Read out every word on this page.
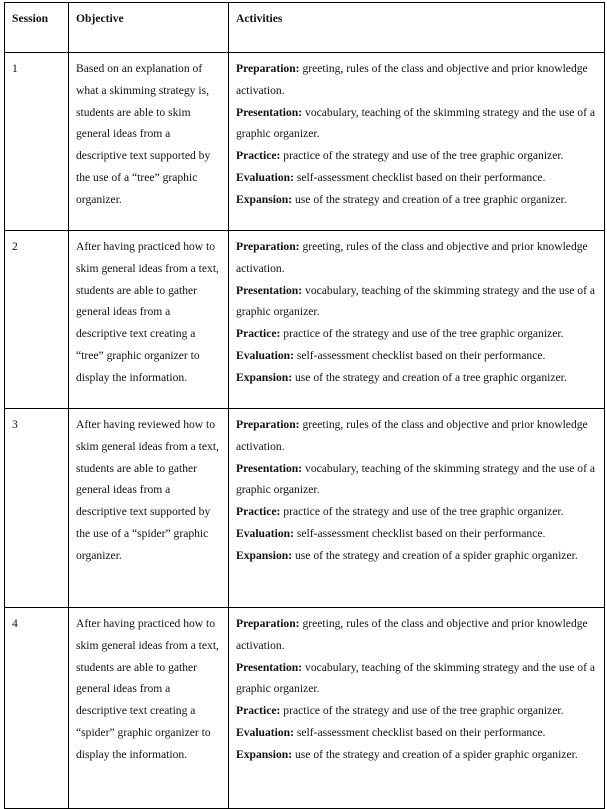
Session	Objective	Activities
1	Based on an explanation of what a skimming strategy is, students are able to skim general ideas from a descriptive text supported by the use of a “tree” graphic organizer.	Preparation: greeting, rules of the class and objective and prior knowledge activation.
Presentation: vocabulary, teaching of the skimming strategy and the use of a graphic organizer.
Practice: practice of the strategy and use of the tree graphic organizer.
Evaluation: self-assessment checklist based on their performance.
Expansion: use of the strategy and creation of a tree graphic organizer.

2	After having practiced how to skim general ideas from a text, students are able to gather general ideas from a descriptive text creating a “tree” graphic organizer to display the information.	Preparation: greeting, rules of the class and objective and prior knowledge activation.
Presentation: vocabulary, teaching of the skimming strategy and the use of a graphic organizer.
Practice: practice of the strategy and use of the tree graphic organizer.
Evaluation: self-assessment checklist based on their performance.
Expansion: use of the strategy and creation of a tree graphic organizer.

3	After having reviewed how to skim general ideas from a text, students are able to gather general ideas from a descriptive text supported by the use of a “spider” graphic organizer.	Preparation: greeting, rules of the class and objective and prior knowledge activation.
Presentation: vocabulary, teaching of the skimming strategy and the use of a graphic organizer.
Practice: practice of the strategy and use of the tree graphic organizer.
Evaluation: self-assessment checklist based on their performance.
Expansion: use of the strategy and creation of a spider graphic organizer.

4	After having practiced how to skim general ideas from a text, students are able to gather general ideas from a descriptive text creating a “spider” graphic organizer to display the information.	Preparation: greeting, rules of the class and objective and prior knowledge activation.
Presentation: vocabulary, teaching of the skimming strategy and the use of a graphic organizer.
Practice: practice of the strategy and use of the tree graphic organizer.
Evaluation: self-assessment checklist based on their performance.
Expansion: use of the strategy and creation of a spider graphic organizer.
